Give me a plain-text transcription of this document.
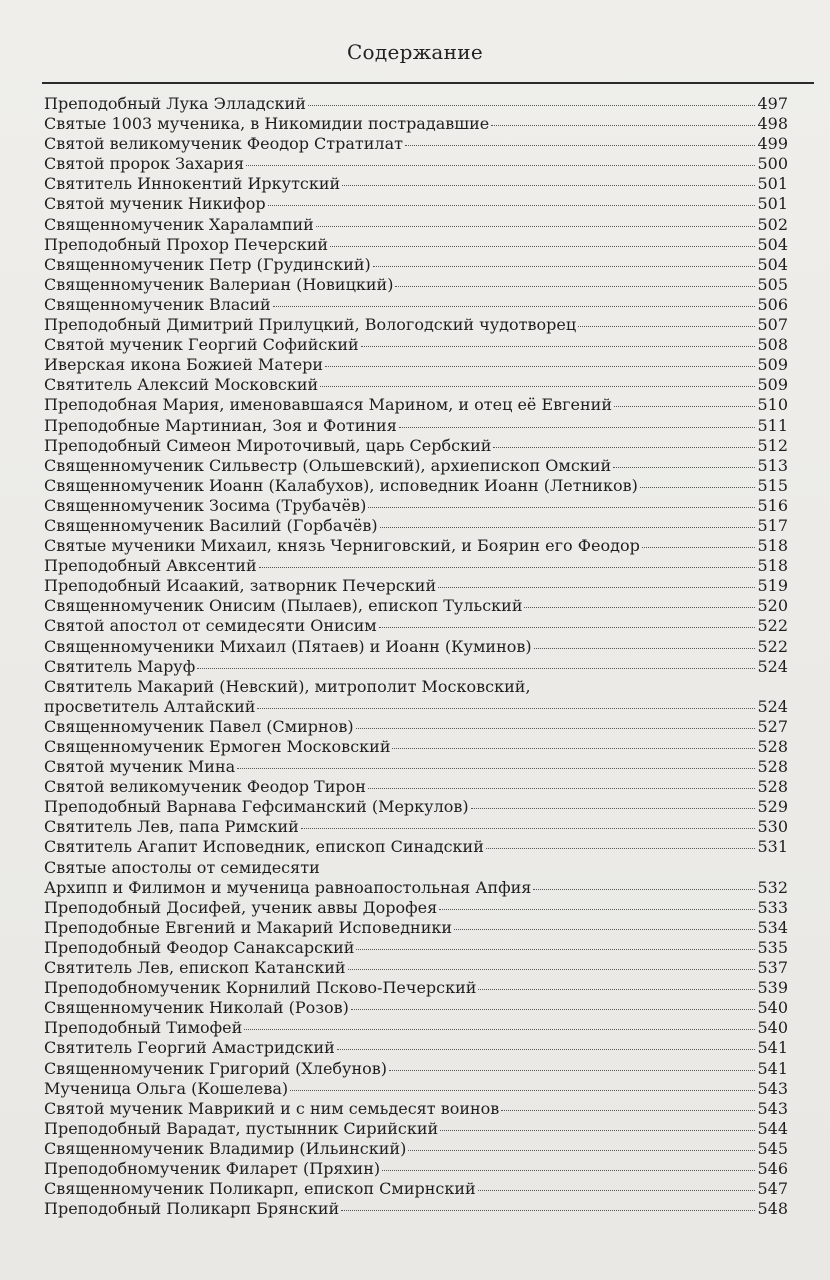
Содержание
Преподобный Лука Элладский	497
Святые 1003 мученика, в Никомидии пострадавшие	498
Святой великомученик Феодор Стратилат	499
Святой пророк Захария	500
Святитель Иннокентий Иркутский	501
Святой мученик Никифор	501
Священномученик Харалампий	502
Преподобный Прохор Печерский	504
Священномученик Петр (Грудинский)	504
Священномученик Валериан (Новицкий)	505
Священномученик Власий	506
Преподобный Димитрий Прилуцкий, Вологодский чудотворец	507
Святой мученик Георгий Софийский	508
Иверская икона Божией Матери	509
Святитель Алексий Московский	509
Преподобная Мария, именовавшаяся Марином, и отец её Евгений	510
Преподобные Мартиниан, Зоя и Фотиния	511
Преподобный Симеон Мироточивый, царь Сербский	512
Священномученик Сильвестр (Ольшевский), архиепископ Омский	513
Священномученик Иоанн (Калабухов), исповедник Иоанн (Летников)	515
Священномученик Зосима (Трубачёв)	516
Священномученик Василий (Горбачёв)	517
Святые мученики Михаил, князь Черниговский, и Боярин его Феодор	518
Преподобный Авксентий	518
Преподобный Исаакий, затворник Печерский	519
Священномученик Онисим (Пылаев), епископ Тульский	520
Святой апостол от семидесяти Онисим	522
Священномученики Михаил (Пятаев) и Иоанн (Куминов)	522
Святитель Маруф	524
Святитель Макарий (Невский), митрополит Московский,
просветитель Алтайский	524
Священномученик Павел (Смирнов)	527
Священномученик Ермоген Московский	528
Святой мученик Мина	528
Святой великомученик Феодор Тирон	528
Преподобный Варнава Гефсиманский (Меркулов)	529
Святитель Лев, папа Римский	530
Святитель Агапит Исповедник, епископ Синадский	531
Святые апостолы от семидесяти
Архипп и Филимон и мученица равноапостольная Апфия	532
Преподобный Досифей, ученик аввы Дорофея	533
Преподобные Евгений и Макарий Исповедники	534
Преподобный Феодор Санаксарский	535
Святитель Лев, епископ Катанский	537
Преподобномученик Корнилий Псково-Печерский	539
Священномученик Николай (Розов)	540
Преподобный Тимофей	540
Святитель Георгий Амастридский	541
Священномученик Григорий (Хлебунов)	541
Мученица Ольга (Кошелева)	543
Святой мученик Маврикий и с ним семьдесят воинов	543
Преподобный Варадат, пустынник Сирийский	544
Священномученик Владимир (Ильинский)	545
Преподобномученик Филарет (Пряхин)	546
Священномученик Поликарп, епископ Смирнский	547
Преподобный Поликарп Брянский	548
